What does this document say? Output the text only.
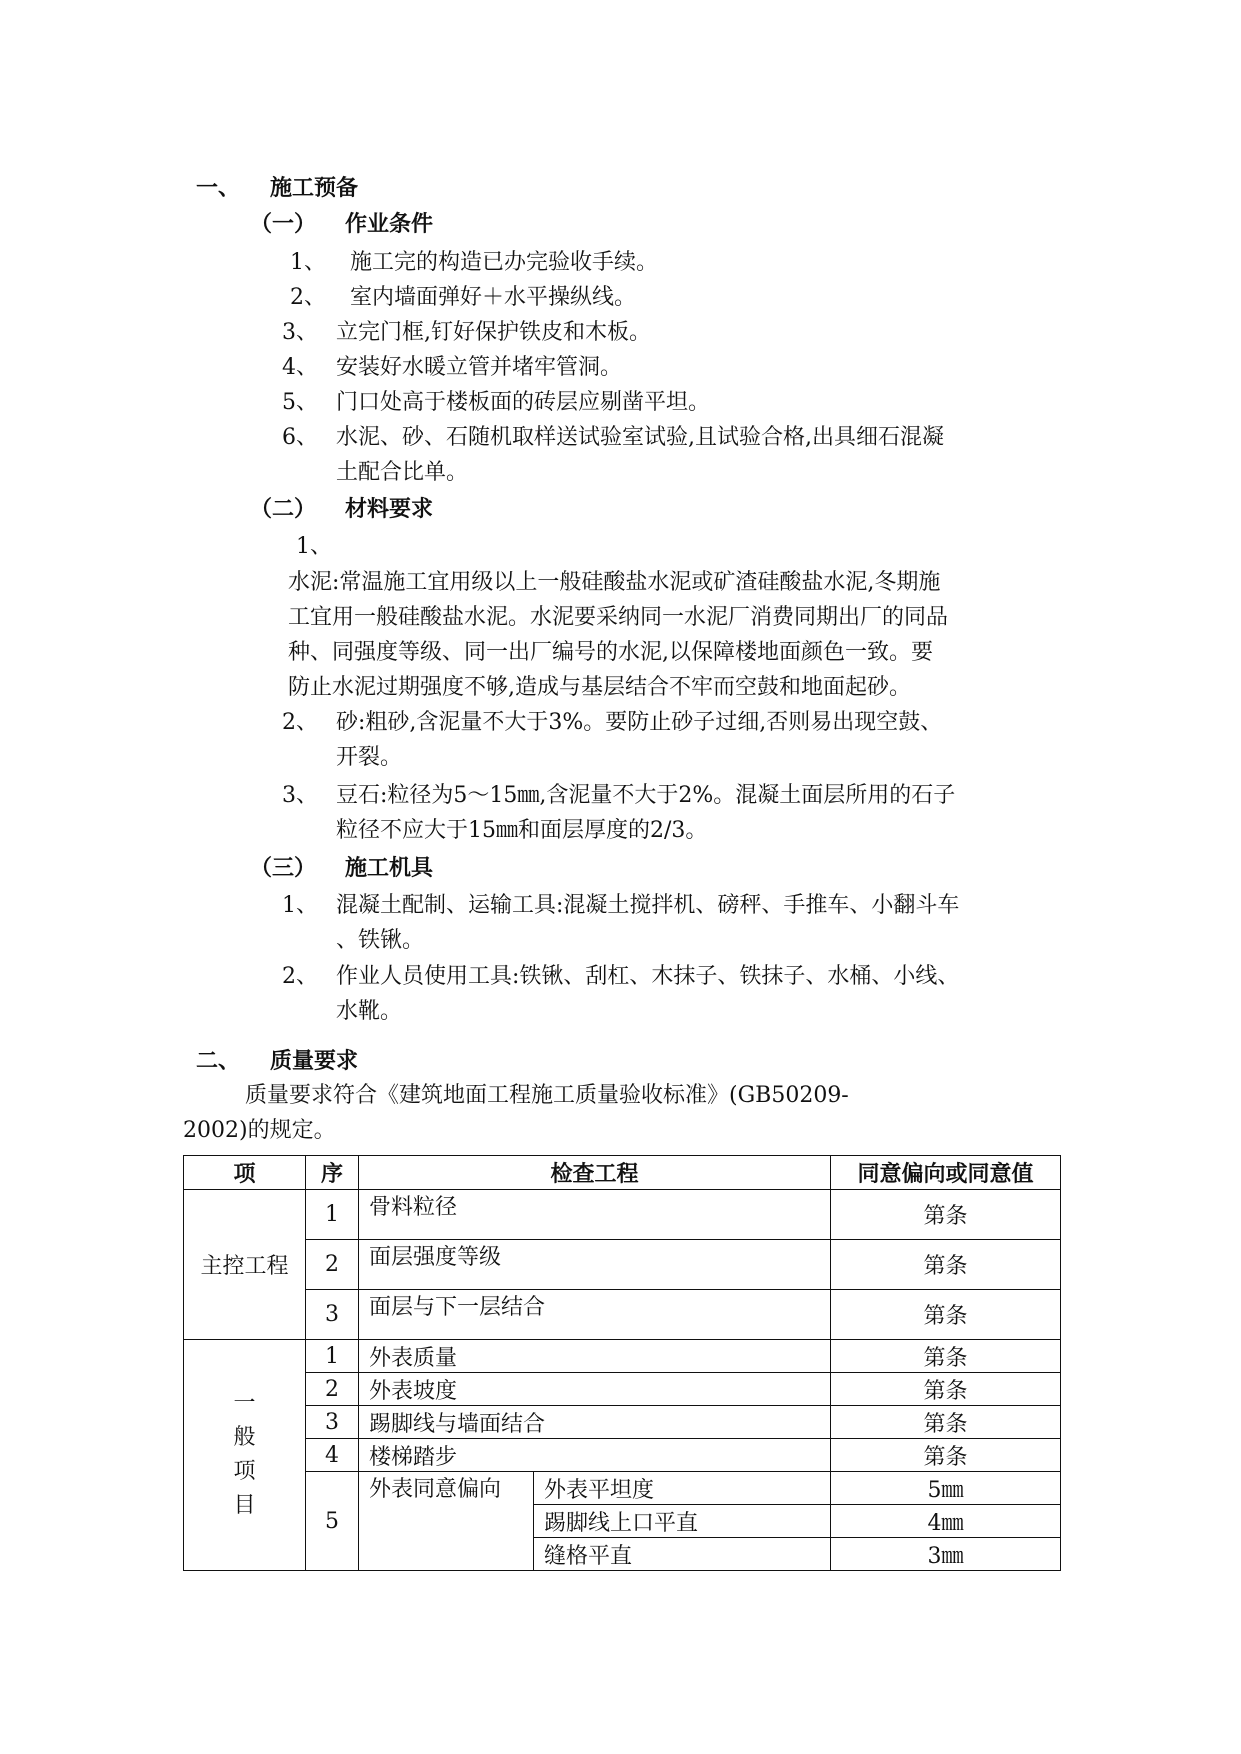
一、 施工预备
（一） 作业条件
1、 施工完的构造已办完验收手续。
2、 室内墙面弹好＋水平操纵线。
3、 立完门框,钉好保护铁皮和木板。
4、 安装好水暖立管并堵牢管洞。
5、 门口处高于楼板面的砖层应剔凿平坦。
6、 水泥、砂、石随机取样送试验室试验,且试验合格,出具细石混凝
土配合比单。
（二） 材料要求
1、
水泥:常温施工宜用级以上一般硅酸盐水泥或矿渣硅酸盐水泥,冬期施
工宜用一般硅酸盐水泥。水泥要采纳同一水泥厂消费同期出厂的同品
种、同强度等级、同一出厂编号的水泥,以保障楼地面颜色一致。要
防止水泥过期强度不够,造成与基层结合不牢而空鼓和地面起砂。
2、 砂:粗砂,含泥量不大于3%。要防止砂子过细,否则易出现空鼓、
开裂。
3、 豆石:粒径为5～15㎜,含泥量不大于2%。混凝土面层所用的石子
粒径不应大于15㎜和面层厚度的2/3。
（三） 施工机具
1、 混凝土配制、运输工具:混凝土搅拌机、磅秤、手推车、小翻斗车
、铁锹。
2、 作业人员使用工具:铁锹、刮杠、木抹子、铁抹子、水桶、小线、
水靴。
二、 质量要求
质量要求符合《建筑地面工程施工质量验收标准》(GB50209-
2002)的规定。
项	序	检查工程		同意偏向或同意值
主控工程	1	骨料粒径		第条
	2	面层强度等级		第条
	3	面层与下一层结合		第条

一
般
项
目	1	外表质量		第条
	2	外表坡度		第条
	3	踢脚线与墙面结合		第条
	4	楼梯踏步		第条
	5	外表同意偏向	外表平坦度	5㎜
			踢脚线上口平直	4㎜
			缝格平直	3㎜
